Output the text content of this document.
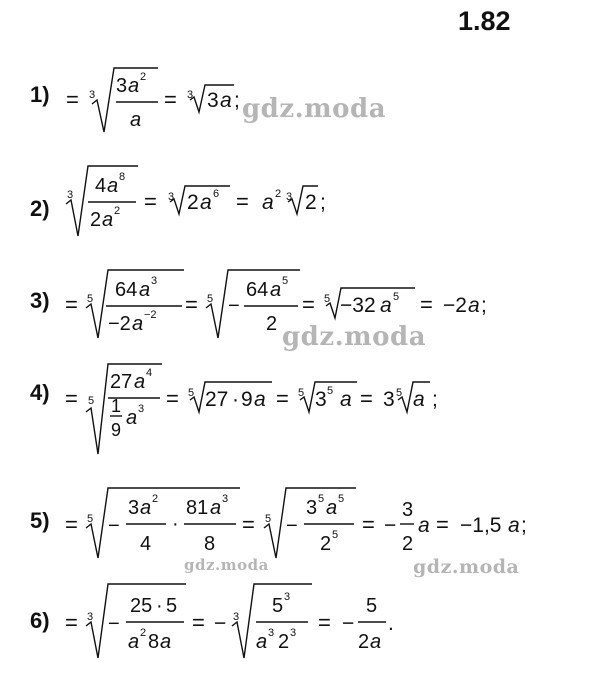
1.82
1) = 3 3 a 2
a
= 3 3 a ; gdz.moda
2)
3 4 a 8
2 a 2 = 3 2 a 6 = a 2 3 2 ;
3) = 5 64 a 3
−2 a −2 = 5 −
64 a 5
2
= 5 −32 a 5 = −2 a ;
gdz.moda
4) = 5
27 a 4
1
9
a 3 = 5 27 · 9 a = 5 3 5 a = 3 5 a ;
5) = 5 −
3 a 2
4
·
81 a 3
8
= 5 −
3 5 a 5
2 5 = −
3
2
a = −1,5 a ;
gdz.moda	gdz.moda
6) = 3 −
25 · 5
a 2 8 a
= − 3 5 3
a 3 2 3 = −
5
2 a
.
